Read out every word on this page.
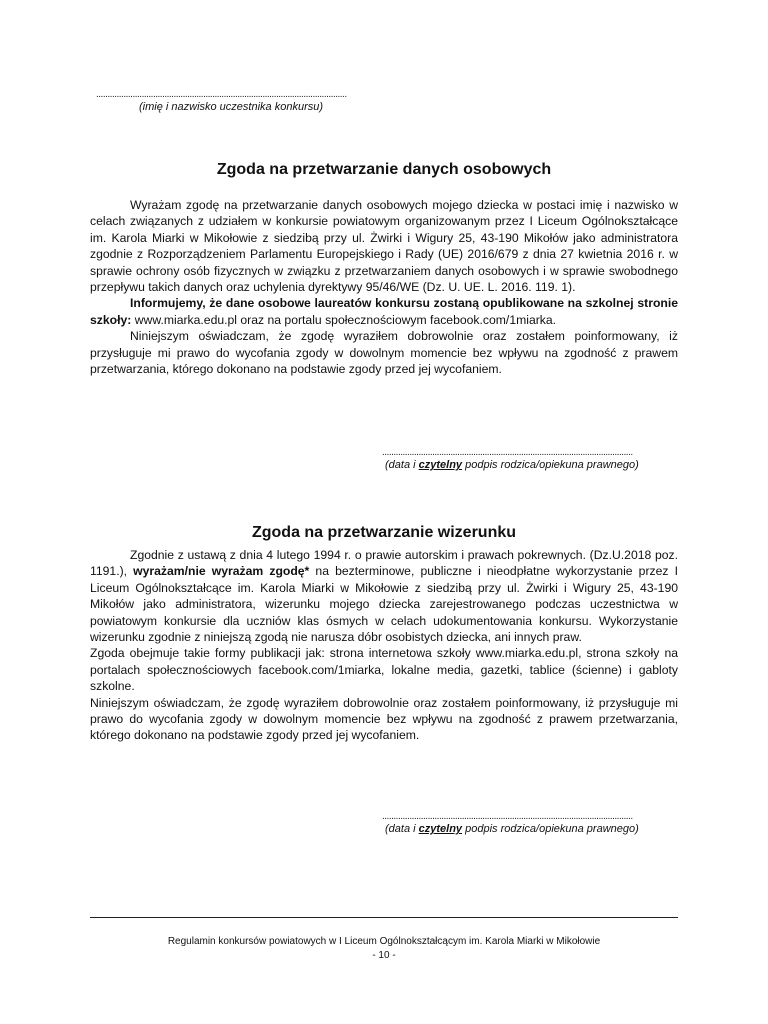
..............................................................................................................
(imię i nazwisko uczestnika konkursu)
Zgoda na przetwarzanie danych osobowych

Wyrażam zgodę na przetwarzanie danych osobowych mojego dziecka w postaci imię i nazwisko w celach związanych z udziałem w konkursie powiatowym organizowanym przez I Liceum Ogólnokształcące im. Karola Miarki w Mikołowie z siedzibą przy ul. Żwirki i Wigury 25, 43-190 Mikołów jako administratora zgodnie z Rozporządzeniem Parlamentu Europejskiego i Rady (UE) 2016/679 z dnia 27 kwietnia 2016 r. w sprawie ochrony osób fizycznych w związku z przetwarzaniem danych osobowych i w sprawie swobodnego przepływu takich danych oraz uchylenia dyrektywy 95/46/WE (Dz. U. UE. L. 2016. 119. 1).

Informujemy, że dane osobowe laureatów konkursu zostaną opublikowane na szkolnej stronie szkoły: www.miarka.edu.pl oraz na portalu społecznościowym facebook.com/1miarka.

Niniejszym oświadczam, że zgodę wyraziłem dobrowolnie oraz zostałem poinformowany, iż przysługuje mi prawo do wycofania zgody w dowolnym momencie bez wpływu na zgodność z prawem przetwarzania, którego dokonano na podstawie zgody przed jej wycofaniem.

..............................................................................................................
(data i czytelny podpis rodzica/opiekuna prawnego)
Zgoda na przetwarzanie wizerunku

Zgodnie z ustawą z dnia 4 lutego 1994 r. o prawie autorskim i prawach pokrewnych. (Dz.U.2018 poz. 1191.), wyrażam/nie wyrażam zgodę* na bezterminowe, publiczne i nieodpłatne wykorzystanie przez I Liceum Ogólnokształcące im. Karola Miarki w Mikołowie z siedzibą przy ul. Żwirki i Wigury 25, 43-190 Mikołów jako administratora, wizerunku mojego dziecka zarejestrowanego podczas uczestnictwa w powiatowym konkursie dla uczniów klas ósmych w celach udokumentowania konkursu. Wykorzystanie wizerunku zgodnie z niniejszą zgodą nie narusza dóbr osobistych dziecka, ani innych praw.

Zgoda obejmuje takie formy publikacji jak: strona internetowa szkoły www.miarka.edu.pl, strona szkoły na portalach społecznościowych facebook.com/1miarka, lokalne media, gazetki, tablice (ścienne) i gabloty szkolne.

Niniejszym oświadczam, że zgodę wyraziłem dobrowolnie oraz zostałem poinformowany, iż przysługuje mi prawo do wycofania zgody w dowolnym momencie bez wpływu na zgodność z prawem przetwarzania, którego dokonano na podstawie zgody przed jej wycofaniem.

..............................................................................................................
(data i czytelny podpis rodzica/opiekuna prawnego)
Regulamin konkursów powiatowych w I Liceum Ogólnokształcącym im. Karola Miarki w Mikołowie
- 10 -
